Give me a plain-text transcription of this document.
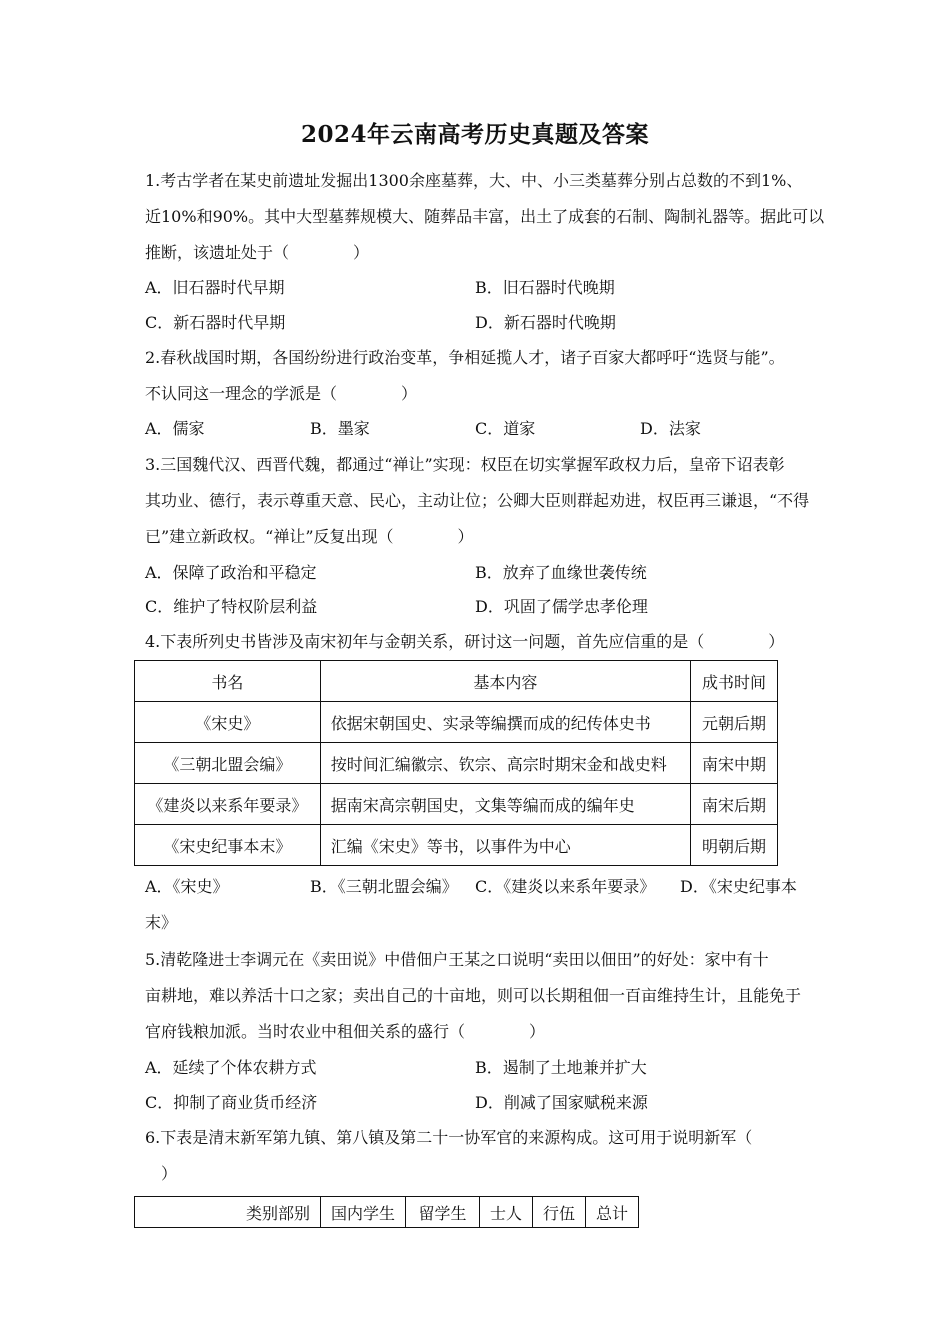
2024年云南高考历史真题及答案
1.考古学者在某史前遗址发掘出1300余座墓葬，大、中、小三类墓葬分别占总数的不到1%、
近10%和90%。其中大型墓葬规模大、随葬品丰富，出土了成套的石制、陶制礼器等。据此可以
推断，该遗址处于（　　　　）
A．旧石器时代早期	B．旧石器时代晚期
C．新石器时代早期	D．新石器时代晚期
2.春秋战国时期，各国纷纷进行政治变革，争相延揽人才，诸子百家大都呼吁“选贤与能”。
不认同这一理念的学派是（　　　　）
A．儒家	B．墨家	C．道家	D．法家
3.三国魏代汉、西晋代魏，都通过“禅让”实现：权臣在切实掌握军政权力后，皇帝下诏表彰
其功业、德行，表示尊重天意、民心，主动让位；公卿大臣则群起劝进，权臣再三谦退，“不得
已”建立新政权。“禅让”反复出现（　　　　）
A．保障了政治和平稳定	B．放弃了血缘世袭传统
C．维护了特权阶层利益	D．巩固了儒学忠孝伦理
4.下表所列史书皆涉及南宋初年与金朝关系，研讨这一问题，首先应信重的是（　　　　）
书名	基本内容	成书时间
《宋史》	依据宋朝国史、实录等编撰而成的纪传体史书	元朝后期
《三朝北盟会编》	按时间汇编徽宗、钦宗、高宗时期宋金和战史料	南宋中期
《建炎以来系年要录》	据南宋高宗朝国史，文集等编而成的编年史	南宋后期
《宋史纪事本末》	汇编《宋史》等书，以事件为中心	明朝后期
A．《宋史》	B．《三朝北盟会编》 C．《建炎以来系年要录》 D．《宋史纪事本
末》
5.清乾隆进士李调元在《卖田说》中借佃户王某之口说明“卖田以佃田”的好处：家中有十
亩耕地，难以养活十口之家；卖出自己的十亩地，则可以长期租佃一百亩维持生计，且能免于
官府钱粮加派。当时农业中租佃关系的盛行（　　　　）
A．延续了个体农耕方式	B．遏制了土地兼并扩大
C．抑制了商业货币经济	D．削减了国家赋税来源
6.下表是清末新军第九镇、第八镇及第二十一协军官的来源构成。这可用于说明新军（
　）
类别部别	国内学生	留学生	士人	行伍	总计
